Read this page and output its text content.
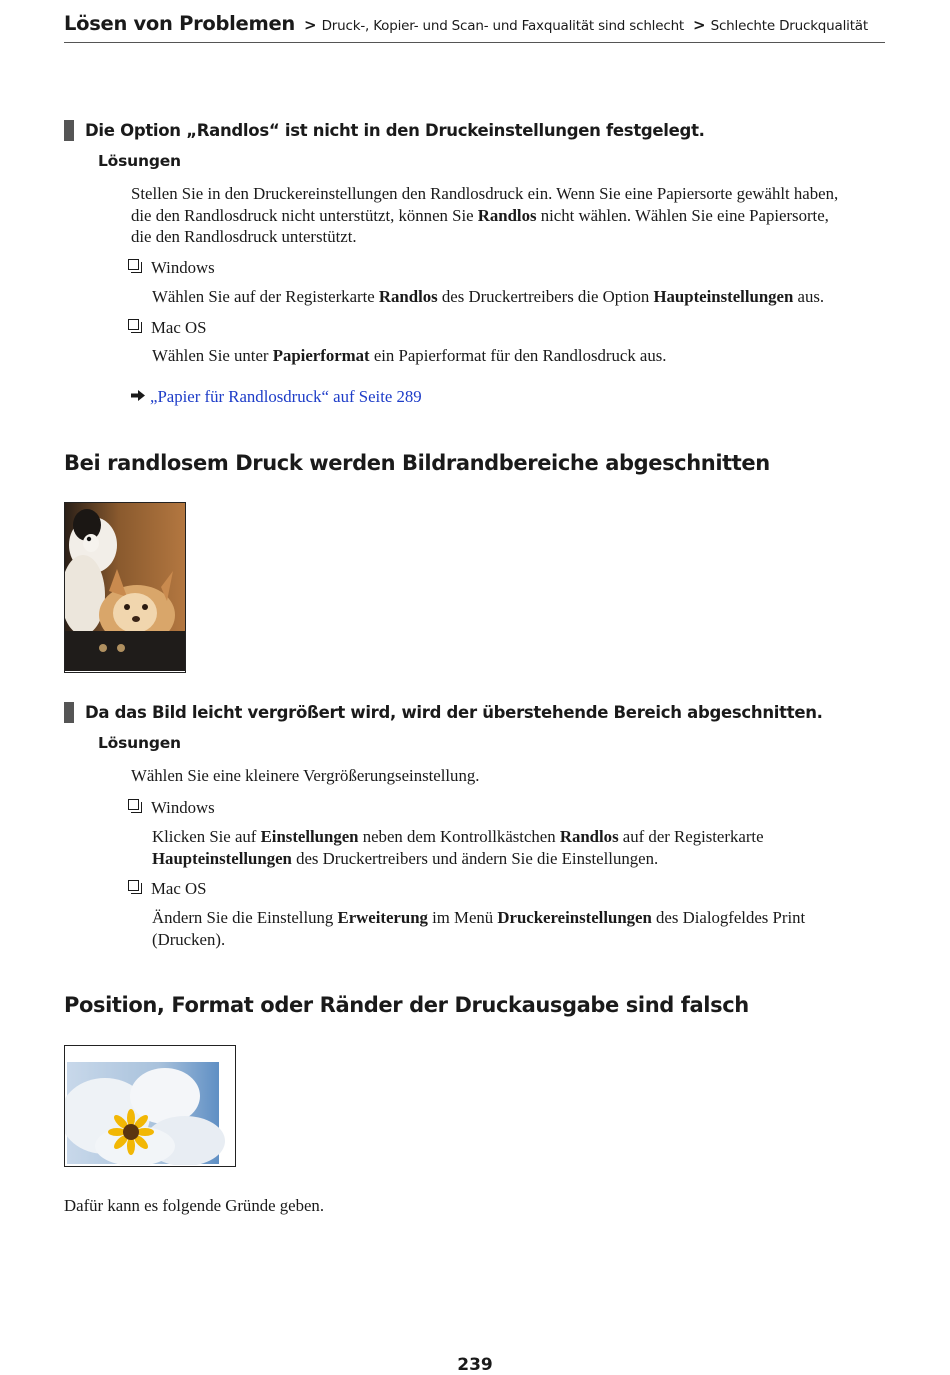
Lösen von Problemen > Druck-, Kopier- und Scan- und Faxqualität sind schlecht > Schlechte Druckqualität
Die Option „Randlos“ ist nicht in den Druckeinstellungen festgelegt.
Lösungen
Stellen Sie in den Druckereinstellungen den Randlosdruck ein. Wenn Sie eine Papiersorte gewählt haben,
die den Randlosdruck nicht unterstützt, können Sie Randlos nicht wählen. Wählen Sie eine Papiersorte,
die den Randlosdruck unterstützt.
Windows
Wählen Sie auf der Registerkarte Randlos des Druckertreibers die Option Haupteinstellungen aus.
Mac OS
Wählen Sie unter Papierformat ein Papierformat für den Randlosdruck aus.
„Papier für Randlosdruck“ auf Seite 289
Bei randlosem Druck werden Bildrandbereiche abgeschnitten
Da das Bild leicht vergrößert wird, wird der überstehende Bereich abgeschnitten.
Lösungen
Wählen Sie eine kleinere Vergrößerungseinstellung.
Windows
Klicken Sie auf Einstellungen neben dem Kontrollkästchen Randlos auf der Registerkarte
Haupteinstellungen des Druckertreibers und ändern Sie die Einstellungen.
Mac OS
Ändern Sie die Einstellung Erweiterung im Menü Druckereinstellungen des Dialogfeldes Print
(Drucken).
Position, Format oder Ränder der Druckausgabe sind falsch
Dafür kann es folgende Gründe geben.
239
